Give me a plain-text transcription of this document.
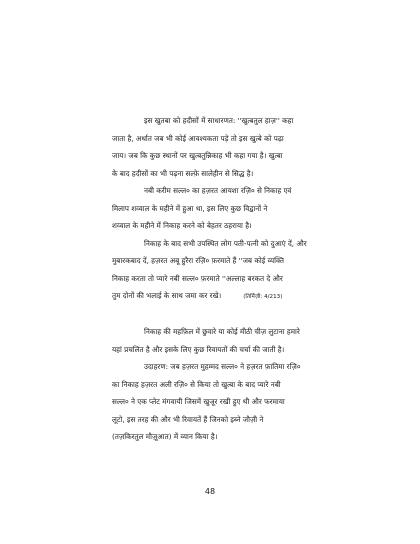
इस खुतबा को हदीसों में साधारणत: ''खुत्बतुल हाज़'' कहा
जाता है, अर्थात जब भी कोई आवश्यकता पड़े तो इस खुत्बे को पढ़ा
जाय। जब कि कुछ स्थानों पर खुत्बतुन्निकाह भी कहा गया है। खुत्बा
के बाद हदीसों का भी पढ़ना सल्फ़े सालेहीन से सिद्ध है।
नबी करीम सल्ल० का हज़रत आयशा रज़ि० से निकाह एवं
मिलाप शव्वाल के महीने में हुआ था, इस लिए कुछ विद्वानों ने
शव्वाल के महीने में निकाह करने को बेहतर ठहराया है।
निकाह के बाद सभी उपस्थित लोग पती-पत्नी को दुआएं दें, और
मुबारकबाद दें, हज़रत अबू हुरैरा रज़ि० फ़रमाते हैं ''जब कोई व्यक्ति
निकाह करता तो प्यारे नबी सल्ल० फ़रमाते ''अल्लाह बरकत दे और
तुम दोनों की भलाई के साथ जमा कर रखे।	(तिर्मिज़ी: 4/213)
निकाह की महफ़िल में छुवारे या कोई मीठी चीज़ लुटाना हमारे
यहां प्रचलित है और इसके लिए कुछ रिवायतों की चर्चा की जाती है।
उदाहरण: जब हज़रत मुहम्मद सल्ल० ने हज़रत फ़ातिमा रज़ि०
का निकाह हज़रत अली रज़ि० से किया तो खुत्बा के बाद प्यारे नबी
सल्ल० ने एक प्लेट मंगवायी जिसमें खुजूर रखी हुए थी और फरमाया
लूटो, इस तरह की और भी रिवायतें हैं जिनको इब्ने जौज़ी ने
(तज़किरतुल मौज़ूआत) में व्यान किया है।
48
